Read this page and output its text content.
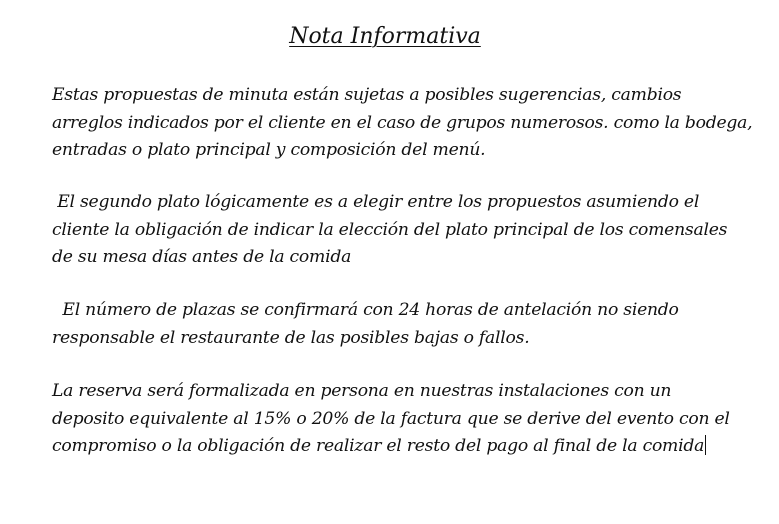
Nota Informativa

Estas propuestas de minuta están sujetas a posibles sugerencias, cambios
arreglos indicados por el cliente en el caso de grupos numerosos. como la bodega,
entradas o plato principal y composición del menú.

El segundo plato lógicamente es a elegir entre los propuestos asumiendo el
cliente la obligación de indicar la elección del plato principal de los comensales
de su mesa días antes de la comida

El número de plazas se confirmará con 24 horas de antelación no siendo
responsable el restaurante de las posibles bajas o fallos.

La reserva será formalizada en persona en nuestras instalaciones con un
deposito equivalente al 15% o 20% de la factura que se derive del evento con el
compromiso o la obligación de realizar el resto del pago al final de la comida
